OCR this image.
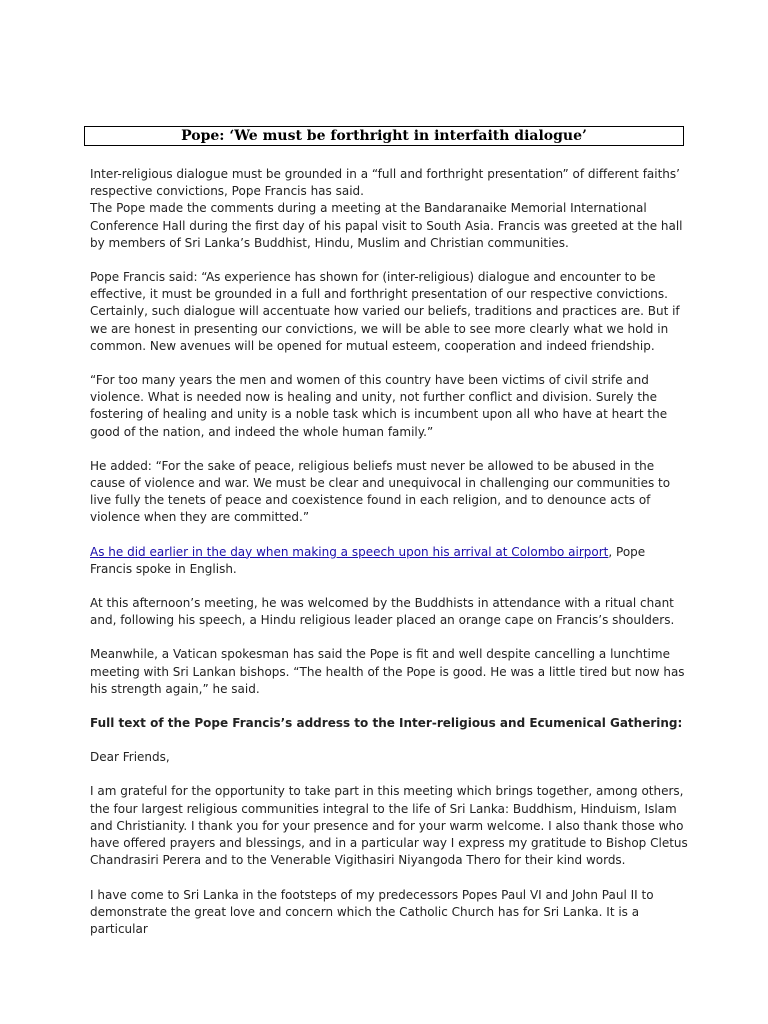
Pope: ‘We must be forthright in interfaith dialogue’

Inter-religious dialogue must be grounded in a “full and forthright presentation” of different faiths’ respective convictions, Pope Francis has said.

The Pope made the comments during a meeting at the Bandaranaike Memorial International Conference Hall during the first day of his papal visit to South Asia. Francis was greeted at the hall by members of Sri Lanka’s Buddhist, Hindu, Muslim and Christian communities.

Pope Francis said: “As experience has shown for (inter-religious) dialogue and encounter to be effective, it must be grounded in a full and forthright presentation of our respective convictions. Certainly, such dialogue will accentuate how varied our beliefs, traditions and practices are. But if we are honest in presenting our convictions, we will be able to see more clearly what we hold in common. New avenues will be opened for mutual esteem, cooperation and indeed friendship.

“For too many years the men and women of this country have been victims of civil strife and violence. What is needed now is healing and unity, not further conflict and division. Surely the fostering of healing and unity is a noble task which is incumbent upon all who have at heart the good of the nation, and indeed the whole human family.”

He added: “For the sake of peace, religious beliefs must never be allowed to be abused in the cause of violence and war. We must be clear and unequivocal in challenging our communities to live fully the tenets of peace and coexistence found in each religion, and to denounce acts of violence when they are committed.”

As he did earlier in the day when making a speech upon his arrival at Colombo airport, Pope Francis spoke in English.

At this afternoon’s meeting, he was welcomed by the Buddhists in attendance with a ritual chant and, following his speech, a Hindu religious leader placed an orange cape on Francis’s shoulders.

Meanwhile, a Vatican spokesman has said the Pope is fit and well despite cancelling a lunchtime meeting with Sri Lankan bishops. “The health of the Pope is good. He was a little tired but now has his strength again,” he said.

Full text of the Pope Francis’s address to the Inter-religious and Ecumenical Gathering:

Dear Friends,

I am grateful for the opportunity to take part in this meeting which brings together, among others, the four largest religious communities integral to the life of Sri Lanka: Buddhism, Hinduism, Islam and Christianity. I thank you for your presence and for your warm welcome. I also thank those who have offered prayers and blessings, and in a particular way I express my gratitude to Bishop Cletus Chandrasiri Perera and to the Venerable Vigithasiri Niyangoda Thero for their kind words.

I have come to Sri Lanka in the footsteps of my predecessors Popes Paul VI and John Paul II to demonstrate the great love and concern which the Catholic Church has for Sri Lanka. It is a particular
